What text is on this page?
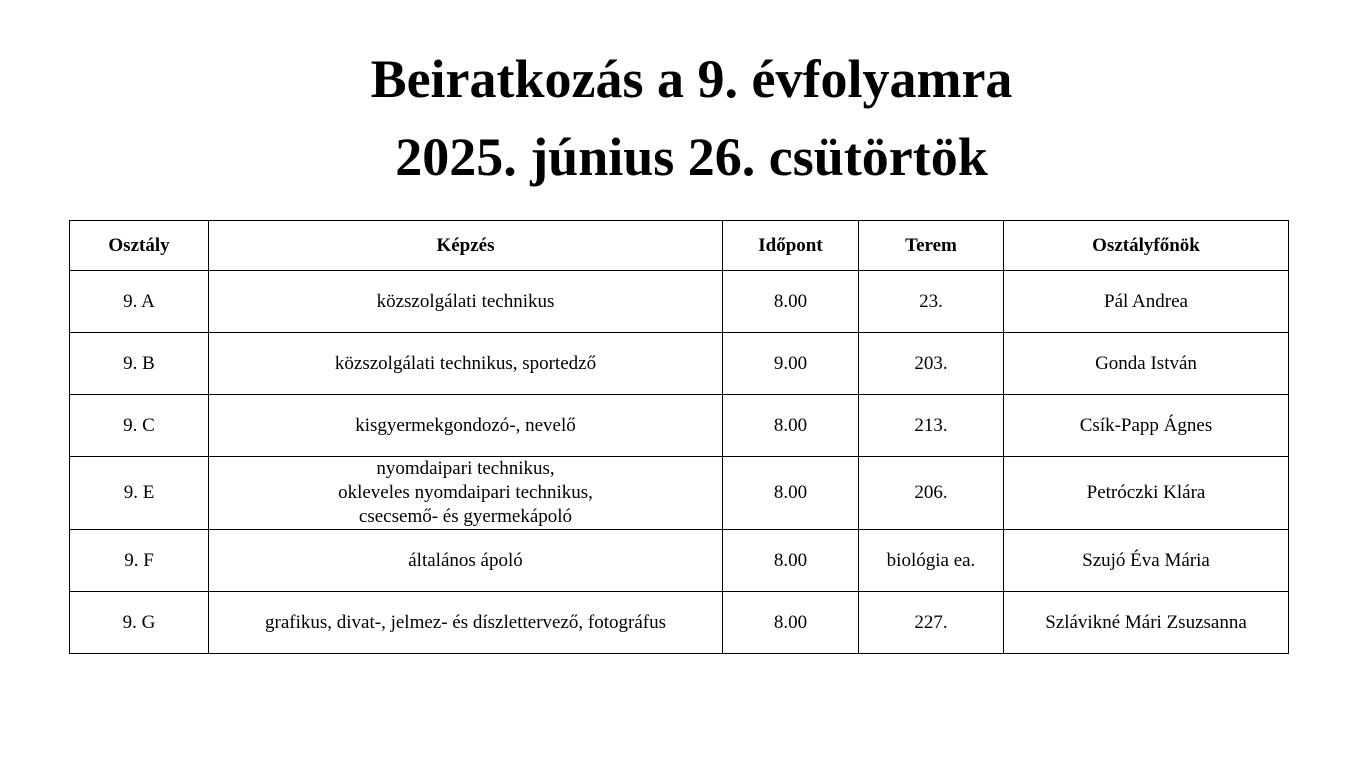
Beiratkozás a 9. évfolyamra

2025. június 26. csütörtök

Osztály	Képzés	Időpont	Terem	Osztályfőnök
9. A	közszolgálati technikus	8.00	23.	Pál Andrea
9. B	közszolgálati technikus, sportedző	9.00	203.	Gonda István
9. C	kisgyermekgondozó-, nevelő	8.00	213.	Csík-Papp Ágnes
9. E	nyomdaipari technikus,
okleveles nyomdaipari technikus,
csecsemő- és gyermekápoló	8.00	206.	Petróczki Klára
9. F	általános ápoló	8.00	biológia ea.	Szujó Éva Mária
9. G	grafikus, divat-, jelmez- és díszlettervező, fotográfus	8.00	227.	Szlávikné Mári Zsuzsanna
